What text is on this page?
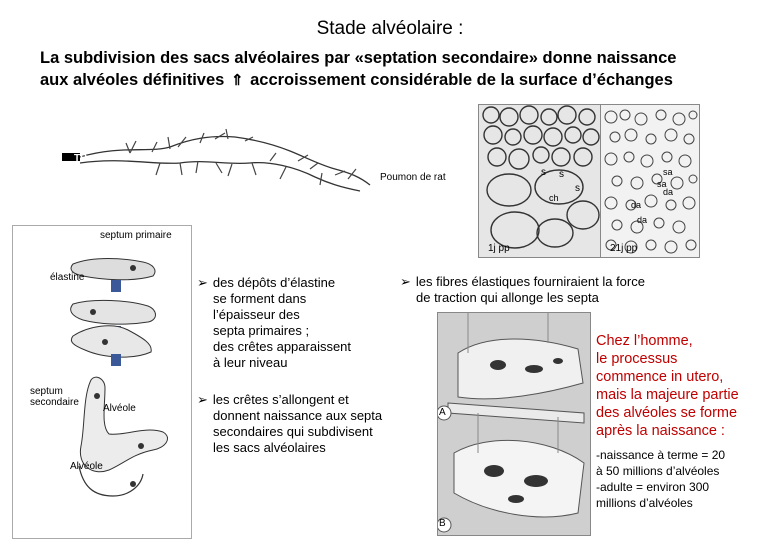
Stade alvéolaire :
La subdivision des sacs alvéolaires par «septation secondaire» donne naissance
aux alvéoles définitives ⇑ accroissement considérable de la surface d’échanges
TB
s s
s
ch
sa
sa
da
da
da
Poumon de rat
1j pp	21j pp
septum primaire
élastine
septum
secondaire
Alvéole
Alvéole
➢ des dépôts d’élastine
se forment dans
l’épaisseur des
septa primaires ;
des crêtes apparaissent
à leur niveau
➢ les fibres élastiques fourniraient la force
de traction qui allonge les septa
➢ les crêtes s’allongent et
donnent naissance aux septa
secondaires qui subdivisent
les sacs alvéolaires
A
B
Chez l’homme,
le processus
commence in utero,
mais la majeure partie
des alvéoles se forme
après la naissance :
-naissance à terme = 20
à 50 millions d’alvéoles
-adulte = environ 300
millions d’alvéoles
